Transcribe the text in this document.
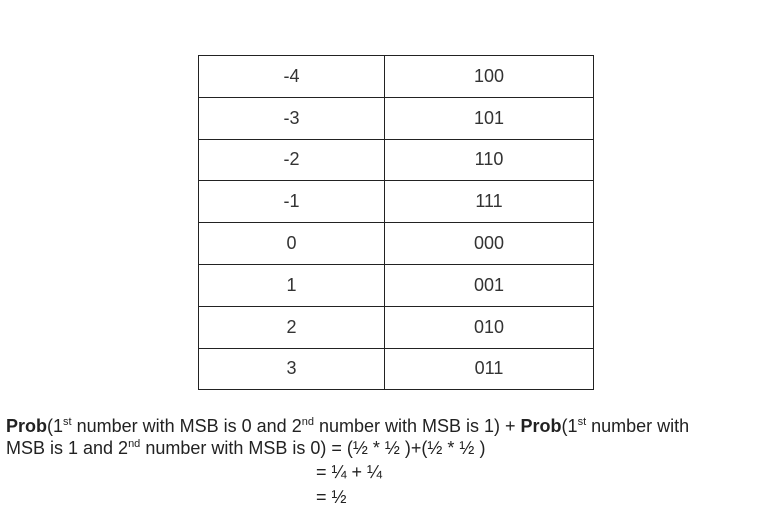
-4	100
-3	101
-2	110
-1	111
0	000
1	001
2	010
3	011
Prob(1st number with MSB is 0 and 2nd number with MSB is 1) + Prob(1st number with
MSB is 1 and 2nd number with MSB is 0) = (½ * ½ )+(½ * ½ )
= ¼ + ¼
= ½
